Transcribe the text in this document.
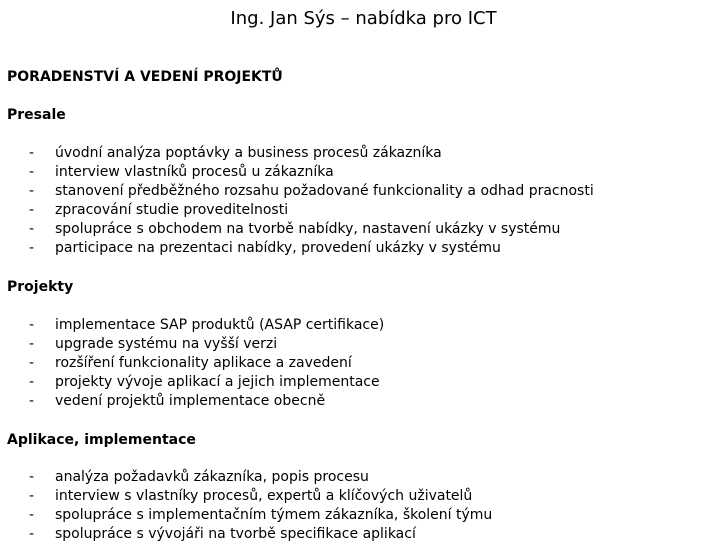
Ing. Jan Sýs – nabídka pro ICT
PORADENSTVÍ A VEDENÍ PROJEKTŮ
Presale
- úvodní analýza poptávky a business procesů zákazníka
- interview vlastníků procesů u zákazníka
- stanovení předběžného rozsahu požadované funkcionality a odhad pracnosti
- zpracování studie proveditelnosti
- spolupráce s obchodem na tvorbě nabídky, nastavení ukázky v systému
- participace na prezentaci nabídky, provedení ukázky v systému
Projekty
- implementace SAP produktů (ASAP certifikace)
- upgrade systému na vyšší verzi
- rozšíření funkcionality aplikace a zavedení
- projekty vývoje aplikací a jejich implementace
- vedení projektů implementace obecně
Aplikace, implementace
- analýza požadavků zákazníka, popis procesu
- interview s vlastníky procesů, expertů a klíčových uživatelů
- spolupráce s implementačním týmem zákazníka, školení týmu
- spolupráce s vývojáři na tvorbě specifikace aplikací
